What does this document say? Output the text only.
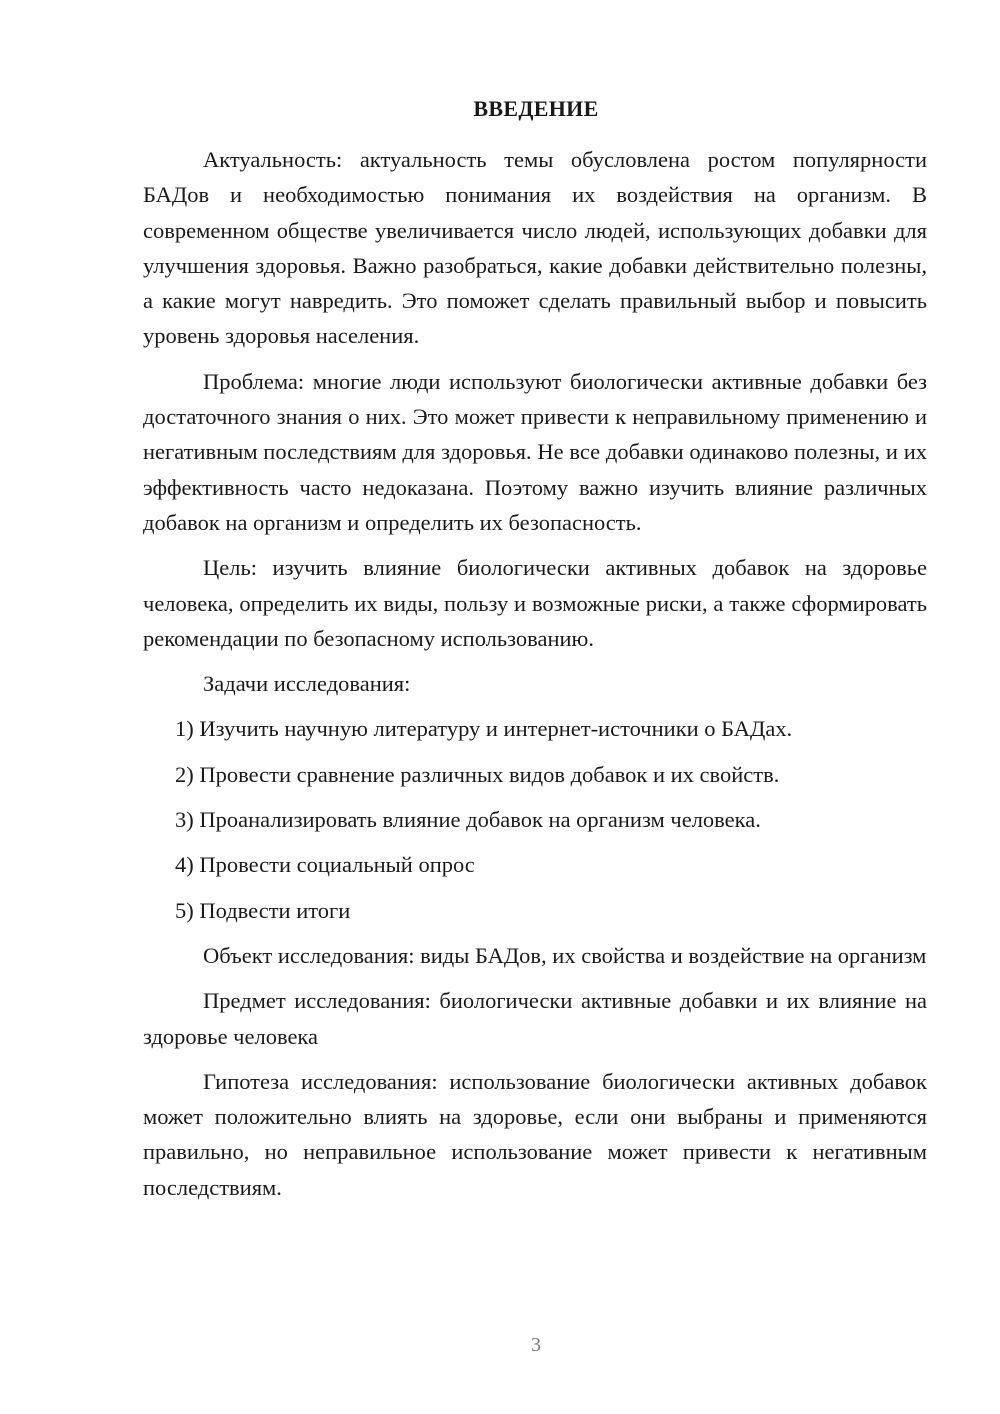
ВВЕДЕНИЕ

Актуальность: актуальность темы обусловлена ростом популярности БАДов и необходимостью понимания их воздействия на организм. В современном обществе увеличивается число людей, использующих добавки для улучшения здоровья. Важно разобраться, какие добавки действительно полезны, а какие могут навредить. Это поможет сделать правильный выбор и повысить уровень здоровья населения.

Проблема: многие люди используют биологически активные добавки без достаточного знания о них. Это может привести к неправильному применению и негативным последствиям для здоровья. Не все добавки одинаково полезны, и их эффективность часто недоказана. Поэтому важно изучить влияние различных добавок на организм и определить их безопасность.

Цель: изучить влияние биологически активных добавок на здоровье человека, определить их виды, пользу и возможные риски, а также сформировать рекомендации по безопасному использованию.

Задачи исследования:

1) Изучить научную литературу и интернет-источники о БАДах.
2) Провести сравнение различных видов добавок и их свойств.
3) Проанализировать влияние добавок на организм человека.
4) Провести социальный опрос
5) Подвести итоги

Объект исследования: виды БАДов, их свойства и воздействие на организм

Предмет исследования: биологически активные добавки и их влияние на здоровье человека

Гипотеза исследования: использование биологически активных добавок может положительно влиять на здоровье, если они выбраны и применяются правильно, но неправильное использование может привести к негативным последствиям.

3
